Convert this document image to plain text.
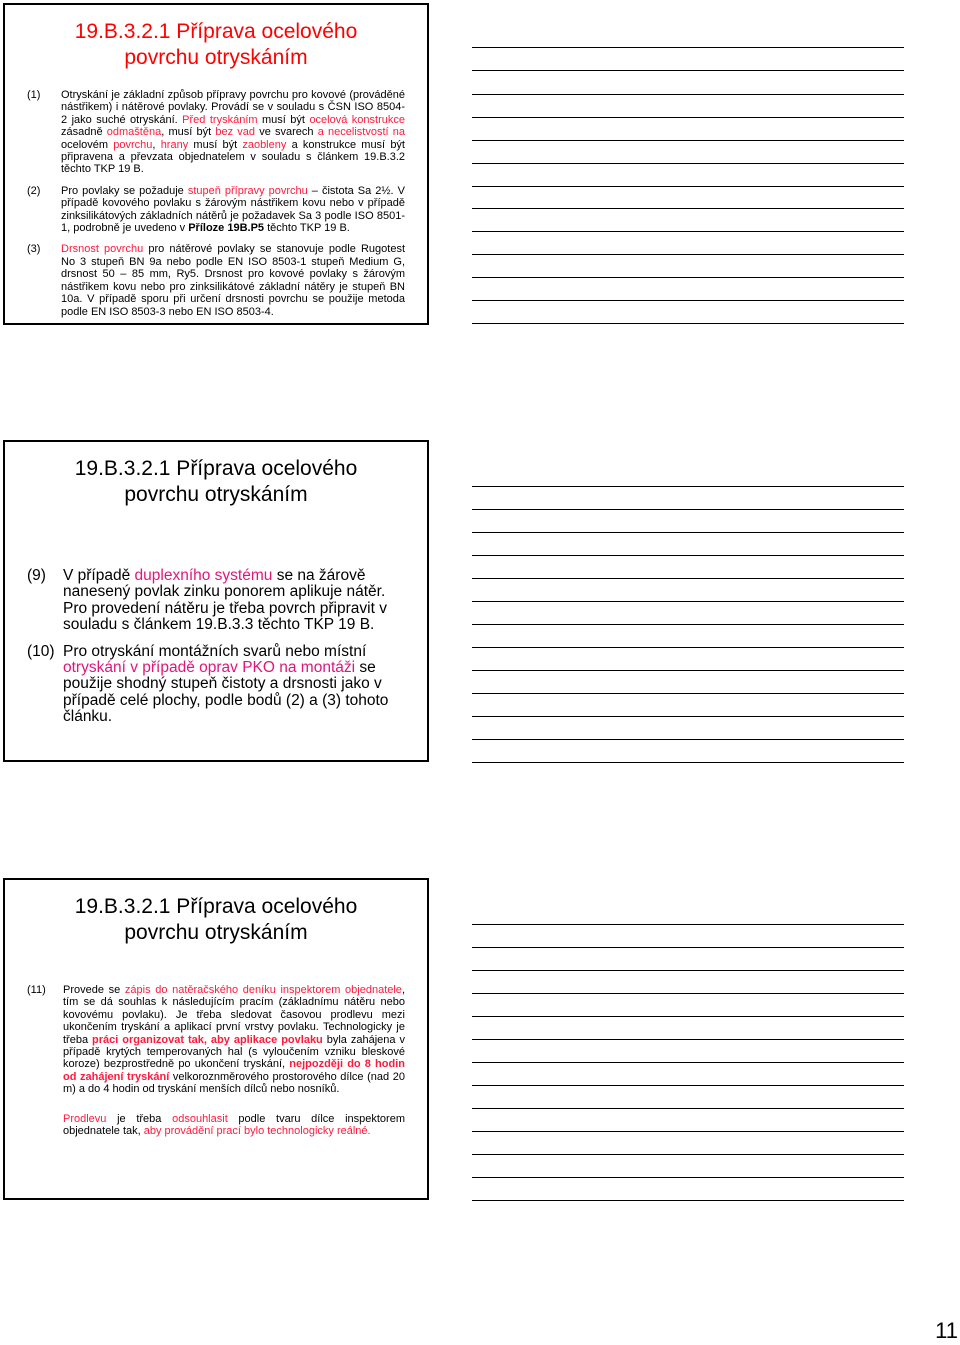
19.B.3.2.1 Příprava ocelového
povrchu otryskáním
(1) Otryskání je základní způsob přípravy povrchu pro kovové (prováděné nástřikem) i nátěrové povlaky. Provádí se v souladu s ČSN ISO 8504-2 jako suché otryskání. Před tryskáním musí být ocelová konstrukce zásadně odmaštěna, musí být bez vad ve svarech a necelistvostí na ocelovém povrchu, hrany musí být zaobleny a konstrukce musí být připravena a převzata objednatelem v souladu s článkem 19.B.3.2 těchto TKP 19 B.
(2) Pro povlaky se požaduje stupeň přípravy povrchu – čistota Sa 2½. V případě kovového povlaku s žárovým nástřikem kovu nebo v případě zinksilikátových základních nátěrů je požadavek Sa 3 podle ISO 8501-1, podrobně je uvedeno v Příloze 19B.P5 těchto TKP 19 B.
(3) Drsnost povrchu pro nátěrové povlaky se stanovuje podle Rugotest No 3 stupeň BN 9a nebo podle EN ISO 8503-1 stupeň Medium G, drsnost 50 – 85 mm, Ry5. Drsnost pro kovové povlaky s žárovým nástřikem kovu nebo pro zinksilikátové základní nátěry je stupeň BN 10a. V případě sporu při určení drsnosti povrchu se použije metoda podle EN ISO 8503-3 nebo EN ISO 8503-4.
19.B.3.2.1 Příprava ocelového
povrchu otryskáním
(9) V případě duplexního systému se na žárově nanesený povlak zinku ponorem aplikuje nátěr. Pro provedení nátěru je třeba povrch připravit v souladu s článkem 19.B.3.3 těchto TKP 19 B.
(10) Pro otryskání montážních svarů nebo místní otryskání v případě oprav PKO na montáži se použije shodný stupeň čistoty a drsnosti jako v případě celé plochy, podle bodů (2) a (3) tohoto článku.
19.B.3.2.1 Příprava ocelového
povrchu otryskáním
(11) Provede se zápis do natěračského deníku inspektorem objednatele, tím se dá souhlas k následujícím pracím (základnímu nátěru nebo kovovému povlaku). Je třeba sledovat časovou prodlevu mezi ukončením tryskání a aplikací první vrstvy povlaku. Technologicky je třeba práci organizovat tak, aby aplikace povlaku byla zahájena v případě krytých temperovaných hal (s vyloučením vzniku bleskové koroze) bezprostředně po ukončení tryskání, nejpozději do 8 hodin od zahájení tryskání velkoroznměrového prostorového dílce (nad 20 m) a do 4 hodin od tryskání menších dílců nebo nosníků.
Prodlevu je třeba odsouhlasit podle tvaru dílce inspektorem objednatele tak, aby provádění prací bylo technologicky reálné.
11
